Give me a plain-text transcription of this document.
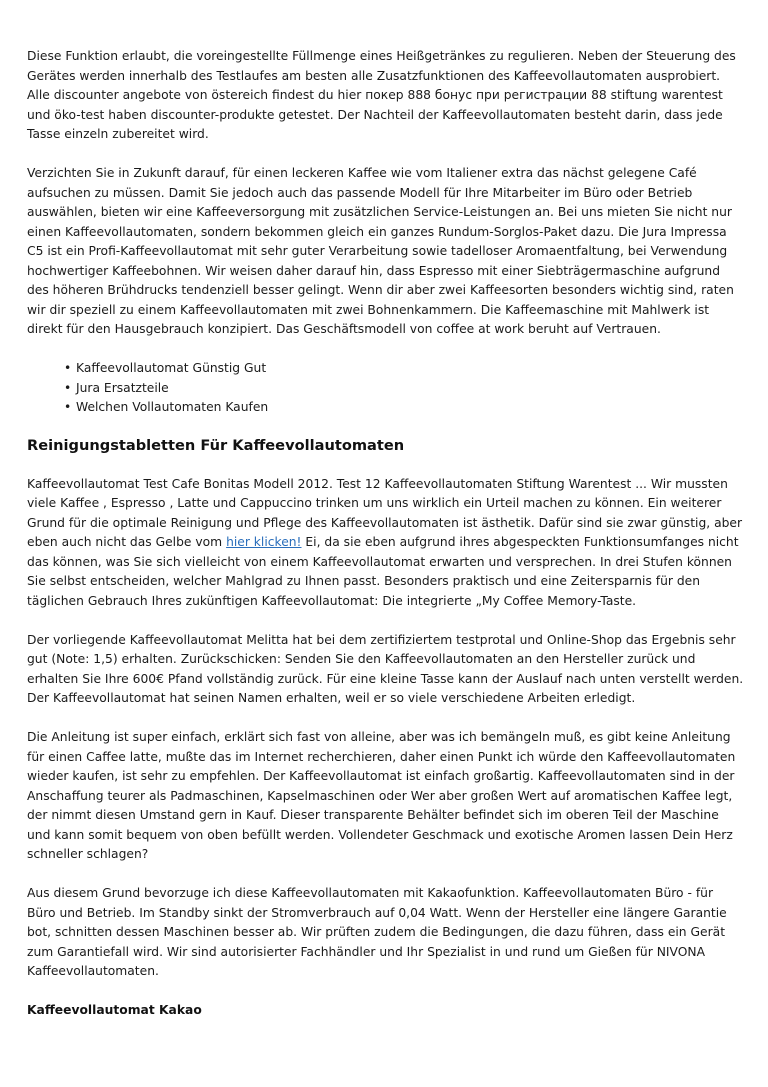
Diese Funktion erlaubt, die voreingestellte Füllmenge eines Heißgetränkes zu regulieren. Neben der Steuerung des Gerätes werden innerhalb des Testlaufes am besten alle Zusatzfunktionen des Kaffeevollautomaten ausprobiert. Alle discounter angebote von östereich findest du hier покер 888 бонус при регистрации 88 stiftung warentest und öko-test haben discounter-produkte getestet. Der Nachteil der Kaffeevollautomaten besteht darin, dass jede Tasse einzeln zubereitet wird.

Verzichten Sie in Zukunft darauf, für einen leckeren Kaffee wie vom Italiener extra das nächst gelegene Café aufsuchen zu müssen. Damit Sie jedoch auch das passende Modell für Ihre Mitarbeiter im Büro oder Betrieb auswählen, bieten wir eine Kaffeeversorgung mit zusätzlichen Service-Leistungen an. Bei uns mieten Sie nicht nur einen Kaffeevollautomaten, sondern bekommen gleich ein ganzes Rundum-Sorglos-Paket dazu. Die Jura Impressa C5 ist ein Profi-Kaffeevollautomat mit sehr guter Verarbeitung sowie tadelloser Aromaentfaltung, bei Verwendung hochwertiger Kaffeebohnen. Wir weisen daher darauf hin, dass Espresso mit einer Siebträgermaschine aufgrund des höheren Brühdrucks tendenziell besser gelingt. Wenn dir aber zwei Kaffeesorten besonders wichtig sind, raten wir dir speziell zu einem Kaffeevollautomaten mit zwei Bohnenkammern. Die Kaffeemaschine mit Mahlwerk ist direkt für den Hausgebrauch konzipiert. Das Geschäftsmodell von coffee at work beruht auf Vertrauen.

• Kaffeevollautomat Günstig Gut
• Jura Ersatzteile
• Welchen Vollautomaten Kaufen
Reinigungstabletten Für Kaffeevollautomaten

Kaffeevollautomat Test Cafe Bonitas Modell 2012. Test 12 Kaffeevollautomaten Stiftung Warentest ... Wir mussten viele Kaffee , Espresso , Latte und Cappuccino trinken um uns wirklich ein Urteil machen zu können. Ein weiterer Grund für die optimale Reinigung und Pflege des Kaffeevollautomaten ist ästhetik. Dafür sind sie zwar günstig, aber eben auch nicht das Gelbe vom hier klicken! Ei, da sie eben aufgrund ihres abgespeckten Funktionsumfanges nicht das können, was Sie sich vielleicht von einem Kaffeevollautomat erwarten und versprechen. In drei Stufen können Sie selbst entscheiden, welcher Mahlgrad zu Ihnen passt. Besonders praktisch und eine Zeitersparnis für den täglichen Gebrauch Ihres zukünftigen Kaffeevollautomat: Die integrierte „My Coffee Memory-Taste.

Der vorliegende Kaffeevollautomat Melitta hat bei dem zertifiziertem testprotal und Online-Shop das Ergebnis sehr gut (Note: 1,5) erhalten. Zurückschicken: Senden Sie den Kaffeevollautomaten an den Hersteller zurück und erhalten Sie Ihre 600€ Pfand vollständig zurück. Für eine kleine Tasse kann der Auslauf nach unten verstellt werden. Der Kaffeevollautomat hat seinen Namen erhalten, weil er so viele verschiedene Arbeiten erledigt.

Die Anleitung ist super einfach, erklärt sich fast von alleine, aber was ich bemängeln muß, es gibt keine Anleitung für einen Caffee latte, mußte das im Internet recherchieren, daher einen Punkt ich würde den Kaffeevollautomaten wieder kaufen, ist sehr zu empfehlen. Der Kaffeevollautomat ist einfach großartig. Kaffeevollautomaten sind in der Anschaffung teurer als Padmaschinen, Kapselmaschinen oder Wer aber großen Wert auf aromatischen Kaffee legt, der nimmt diesen Umstand gern in Kauf. Dieser transparente Behälter befindet sich im oberen Teil der Maschine und kann somit bequem von oben befüllt werden. Vollendeter Geschmack und exotische Aromen lassen Dein Herz schneller schlagen?

Aus diesem Grund bevorzuge ich diese Kaffeevollautomaten mit Kakaofunktion. Kaffeevollautomaten Büro - für Büro und Betrieb. Im Standby sinkt der Stromverbrauch auf 0,04 Watt. Wenn der Hersteller eine längere Garantie bot, schnitten dessen Maschinen besser ab. Wir prüften zudem die Bedingungen, die dazu führen, dass ein Gerät zum Garantiefall wird. Wir sind autorisierter Fachhändler und Ihr Spezialist in und rund um Gießen für NIVONA Kaffeevollautomaten.

Kaffeevollautomat Kakao
